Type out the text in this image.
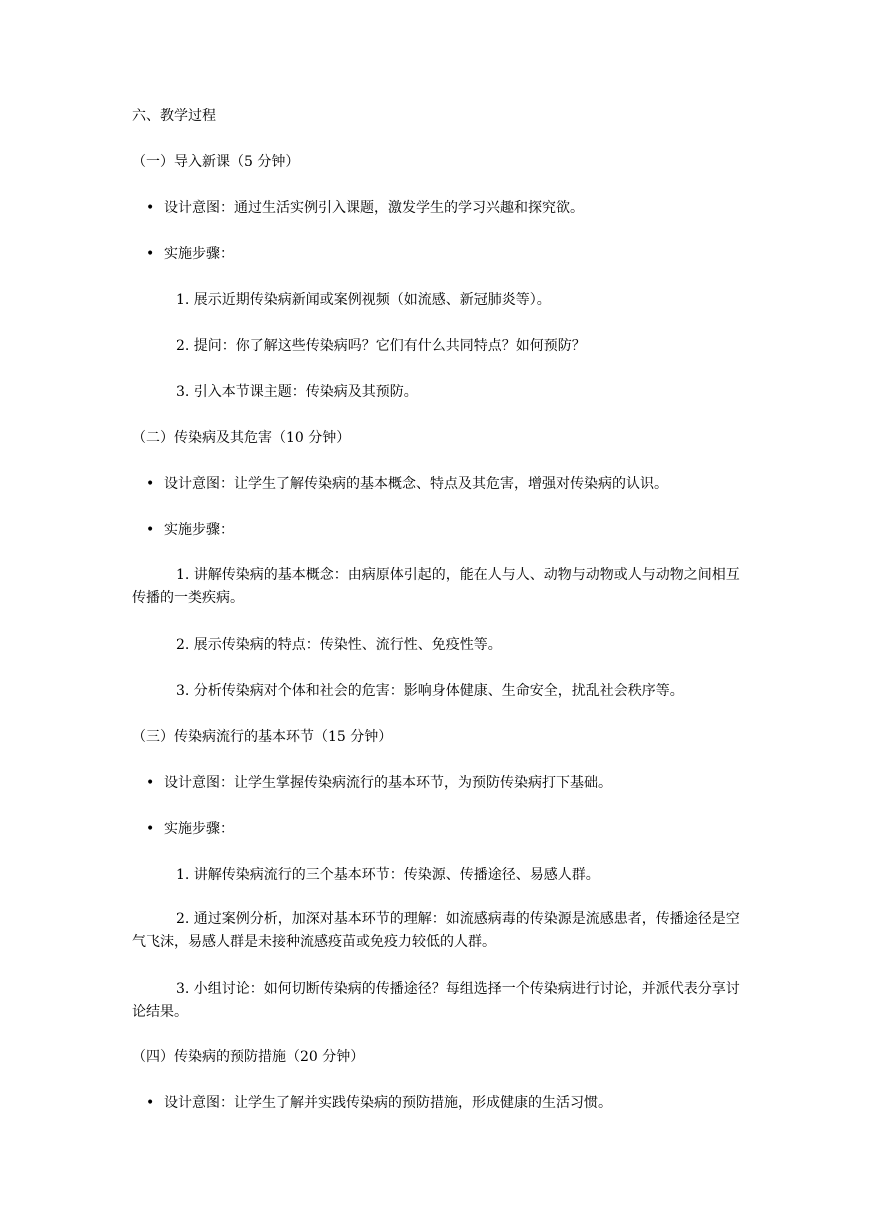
六、教学过程
（一）导入新课（5 分钟）
• 设计意图：通过生活实例引入课题，激发学生的学习兴趣和探究欲。
• 实施步骤：
1. 展示近期传染病新闻或案例视频（如流感、新冠肺炎等）。
2. 提问：你了解这些传染病吗？它们有什么共同特点？如何预防？
3. 引入本节课主题：传染病及其预防。
（二）传染病及其危害（10 分钟）
• 设计意图：让学生了解传染病的基本概念、特点及其危害，增强对传染病的认识。
• 实施步骤：
1. 讲解传染病的基本概念：由病原体引起的，能在人与人、动物与动物或人与动物之间相互传播的一类疾病。
2. 展示传染病的特点：传染性、流行性、免疫性等。
3. 分析传染病对个体和社会的危害：影响身体健康、生命安全，扰乱社会秩序等。
（三）传染病流行的基本环节（15 分钟）
• 设计意图：让学生掌握传染病流行的基本环节，为预防传染病打下基础。
• 实施步骤：
1. 讲解传染病流行的三个基本环节：传染源、传播途径、易感人群。
2. 通过案例分析，加深对基本环节的理解：如流感病毒的传染源是流感患者，传播途径是空气飞沫，易感人群是未接种流感疫苗或免疫力较低的人群。
3. 小组讨论：如何切断传染病的传播途径？每组选择一个传染病进行讨论，并派代表分享讨论结果。
（四）传染病的预防措施（20 分钟）
• 设计意图：让学生了解并实践传染病的预防措施，形成健康的生活习惯。
